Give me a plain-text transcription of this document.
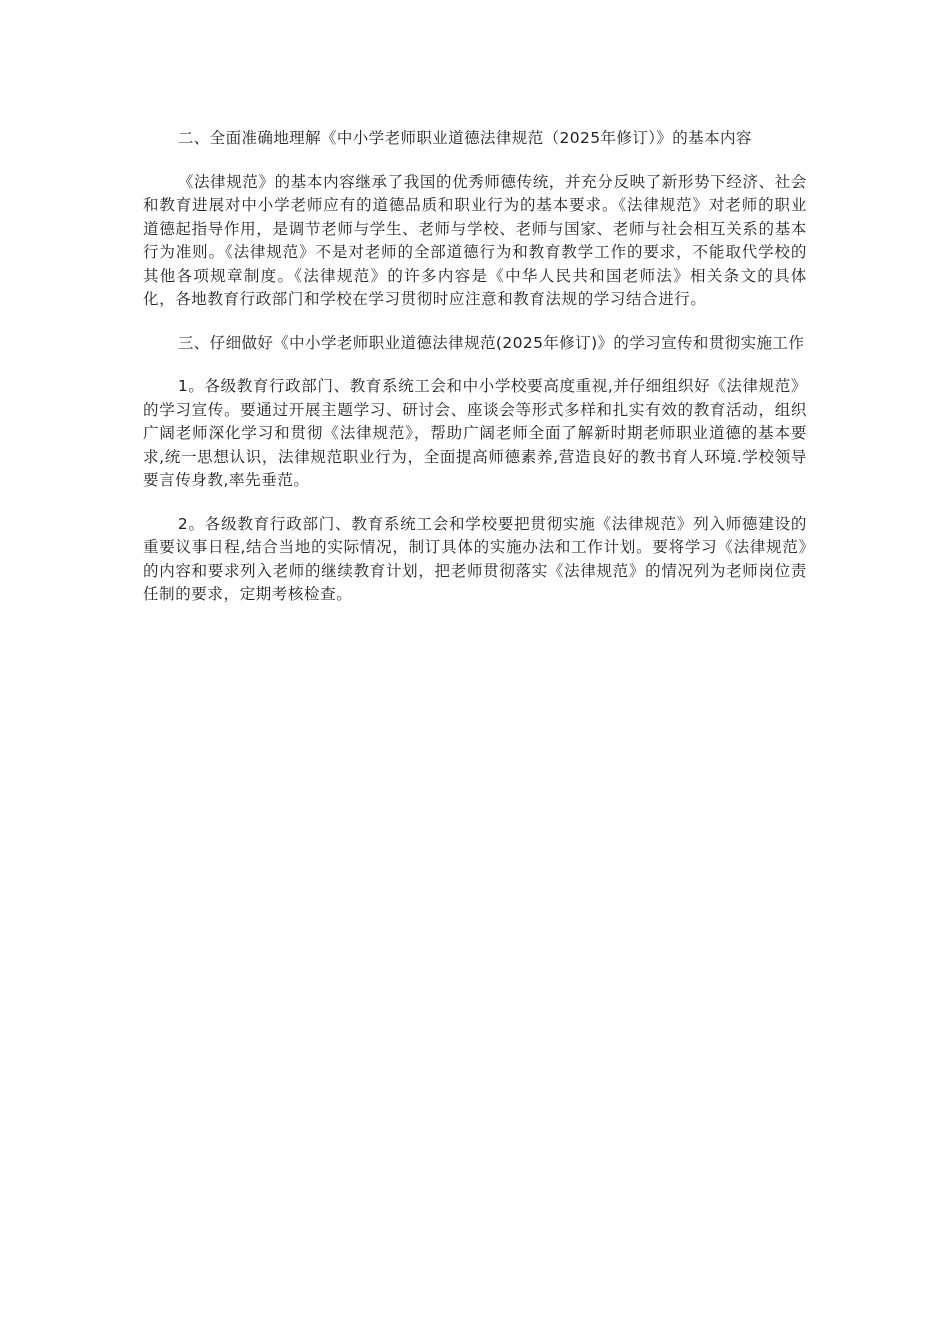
二、全面准确地理解《中小学老师职业道德法律规范（2025年修订）》的基本内容

《法律规范》的基本内容继承了我国的优秀师德传统，并充分反映了新形势下经济、社会和教育进展对中小学老师应有的道德品质和职业行为的基本要求。《法律规范》对老师的职业道德起指导作用，是调节老师与学生、老师与学校、老师与国家、老师与社会相互关系的基本行为准则。《法律规范》不是对老师的全部道德行为和教育教学工作的要求，不能取代学校的其他各项规章制度。《法律规范》的许多内容是《中华人民共和国老师法》相关条文的具体化，各地教育行政部门和学校在学习贯彻时应注意和教育法规的学习结合进行。

三、仔细做好《中小学老师职业道德法律规范(2025年修订)》的学习宣传和贯彻实施工作

1。各级教育行政部门、教育系统工会和中小学校要高度重视,并仔细组织好《法律规范》的学习宣传。要通过开展主题学习、研讨会、座谈会等形式多样和扎实有效的教育活动，组织广阔老师深化学习和贯彻《法律规范》，帮助广阔老师全面了解新时期老师职业道德的基本要求,统一思想认识，法律规范职业行为，全面提高师德素养,营造良好的教书育人环境.学校领导要言传身教,率先垂范。

2。各级教育行政部门、教育系统工会和学校要把贯彻实施《法律规范》列入师德建设的重要议事日程,结合当地的实际情况，制订具体的实施办法和工作计划。要将学习《法律规范》的内容和要求列入老师的继续教育计划，把老师贯彻落实《法律规范》的情况列为老师岗位责任制的要求，定期考核检查。
